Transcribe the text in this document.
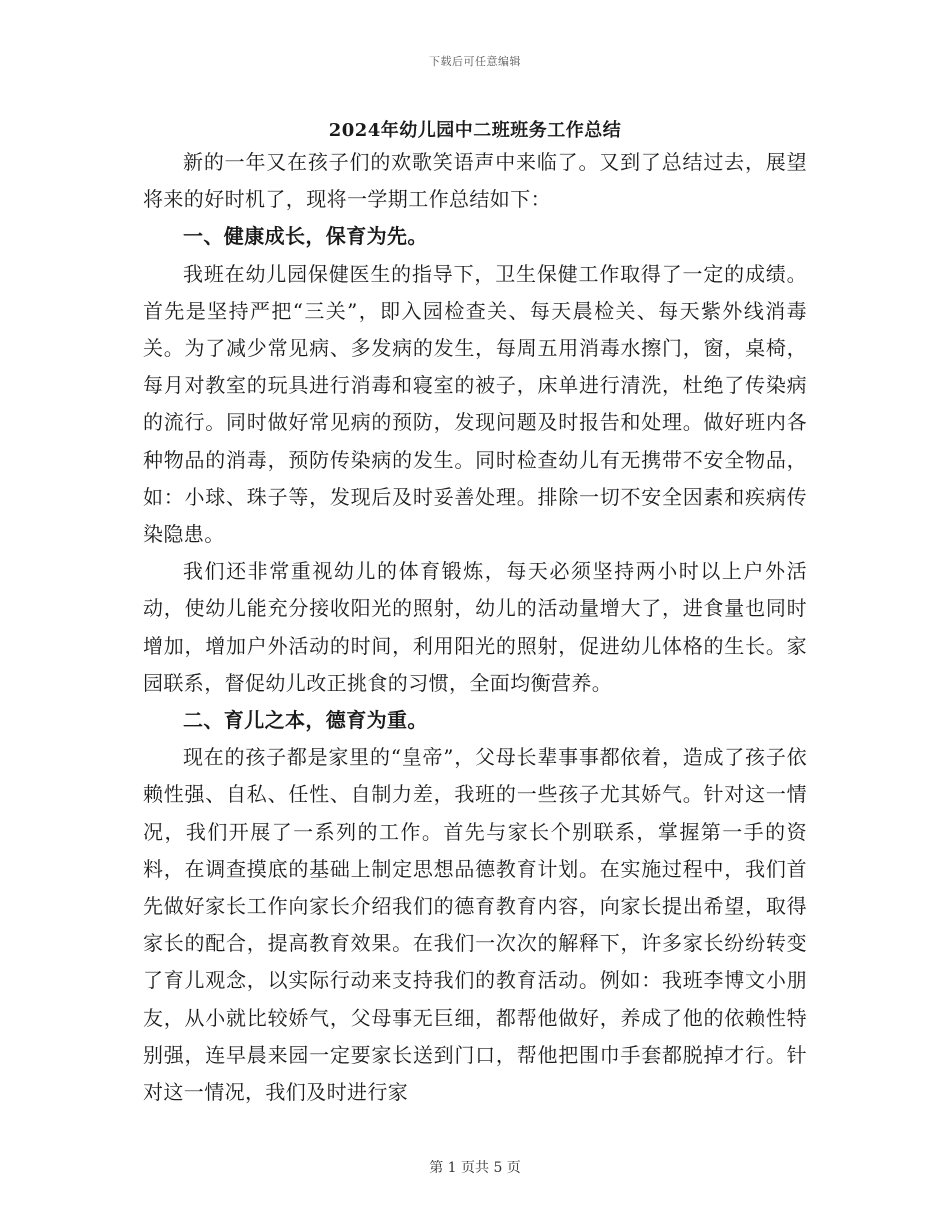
下载后可任意编辑
2024年幼儿园中二班班务工作总结

新的一年又在孩子们的欢歌笑语声中来临了。又到了总结过去，展望将来的好时机了，现将一学期工作总结如下：

一、健康成长，保育为先。

我班在幼儿园保健医生的指导下，卫生保健工作取得了一定的成绩。首先是坚持严把“三关”，即入园检查关、每天晨检关、每天紫外线消毒关。为了减少常见病、多发病的发生，每周五用消毒水擦门，窗，桌椅，每月对教室的玩具进行消毒和寝室的被子，床单进行清洗，杜绝了传染病的流行。同时做好常见病的预防，发现问题及时报告和处理。做好班内各种物品的消毒，预防传染病的发生。同时检查幼儿有无携带不安全物品，如：小球、珠子等，发现后及时妥善处理。排除一切不安全因素和疾病传染隐患。

我们还非常重视幼儿的体育锻炼，每天必须坚持两小时以上户外活动，使幼儿能充分接收阳光的照射，幼儿的活动量增大了，进食量也同时增加，增加户外活动的时间，利用阳光的照射，促进幼儿体格的生长。家园联系，督促幼儿改正挑食的习惯，全面均衡营养。

二、育儿之本，德育为重。

现在的孩子都是家里的“皇帝”，父母长辈事事都依着，造成了孩子依赖性强、自私、任性、自制力差，我班的一些孩子尤其娇气。针对这一情况，我们开展了一系列的工作。首先与家长个别联系，掌握第一手的资料，在调查摸底的基础上制定思想品德教育计划。在实施过程中，我们首先做好家长工作向家长介绍我们的德育教育内容，向家长提出希望，取得家长的配合，提高教育效果。在我们一次次的解释下，许多家长纷纷转变了育儿观念，以实际行动来支持我们的教育活动。例如：我班李博文小朋友，从小就比较娇气，父母事无巨细，都帮他做好，养成了他的依赖性特别强，连早晨来园一定要家长送到门口，帮他把围巾手套都脱掉才行。针对这一情况，我们及时进行家

第 1 页共 5 页
